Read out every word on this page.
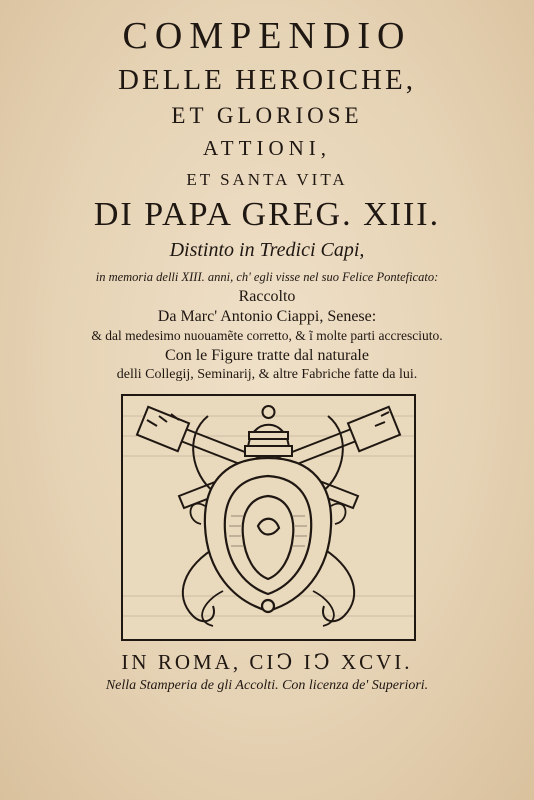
COMPENDIO
DELLE HEROICHE,
ET GLORIOSE
ATTIONI,
ET SANTA VITA
DI PAPA GREG. XIII.
Distinto in Tredici Capi,
in memoria delli XIII. anni, ch' egli visse nel suo Felice Ponteficato:
Raccolto
Da Marc' Antonio Ciappi, Senese:
& dal medesimo nuouamẽte corretto, & ĩ molte parti accresciuto.
Con le Figure tratte dal naturale
delli Collegij, Seminarij, & altre Fabriche fatte da lui.
IN ROMA, CIↃ IↃ XCVI.
Nella Stamperia de gli Accolti. Con licenza de' Superiori.
